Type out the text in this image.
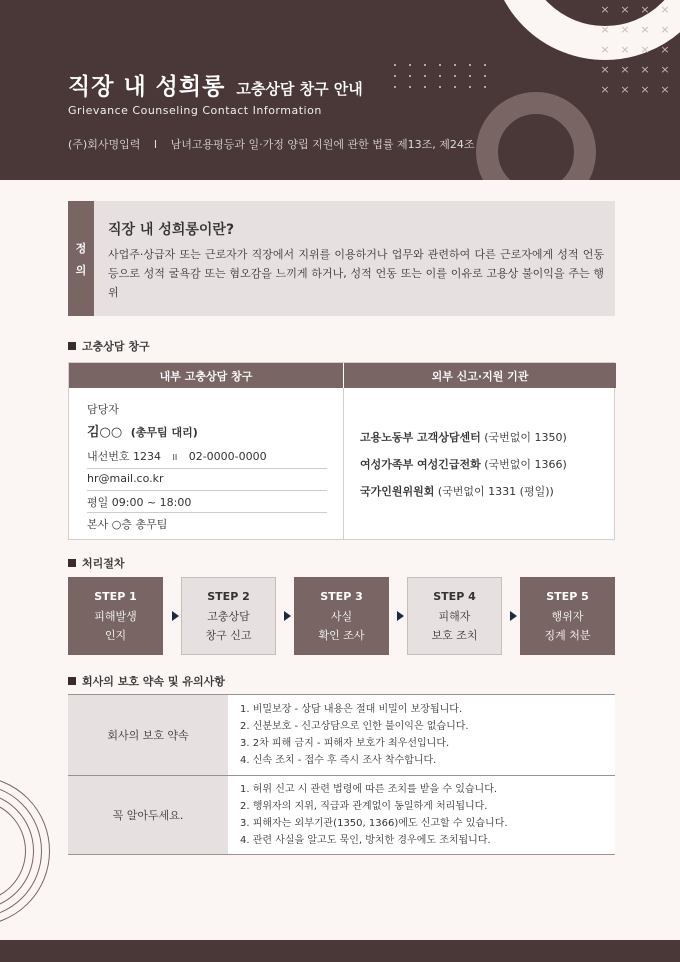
× × × ×
× × × ×
× × × ×
× × × ×
× × × ×
직장 내 성희롱 고충상담 창구 안내
Grievance Counseling Contact Information
(주)회사명입력 I 남녀고용평등과 일·가정 양립 지원에 관한 법률 제13조, 제24조
정
의
직장 내 성희롱이란?
사업주·상급자 또는 근로자가 직장에서 지위를 이용하거나 업무와 관련하여 다른 근로자에게 성적 언동 등으로 성적 굴욕감 또는 혐오감을 느끼게 하거나, 성적 언동 또는 이를 이유로 고용상 불이익을 주는 행위
고충상담 창구
내부 고충상담 창구	외부 신고·지원 기관
담당자
김○○ (총무팀 대리)
내선번호 1234 II 02-0000-0000
hr@mail.co.kr
평일 09:00 ~ 18:00
본사 ○층 총무팀
고용노동부 고객상담센터 (국번없이 1350)
여성가족부 여성긴급전화 (국번없이 1366)
국가인원위원회 (국번없이 1331 (평일))
처리절차
STEP 1
피해발생
인지
STEP 2
고충상담
창구 신고
STEP 3
사실
확인 조사
STEP 4
피해자
보호 조치
STEP 5
행위자
징계 처분
회사의 보호 약속 및 유의사항
회사의 보호 약속
1. 비밀보장 - 상담 내용은 절대 비밀이 보장됩니다.
2. 신분보호 - 신고상담으로 인한 불이익은 없습니다.
3. 2차 피해 금지 - 피해자 보호가 최우선입니다.
4. 신속 조치 - 접수 후 즉시 조사 착수합니다.
꼭 알아두세요.
1. 허위 신고 시 관련 법령에 따른 조치를 받을 수 있습니다.
2. 행위자의 지위, 직급과 관계없이 동일하게 처리됩니다.
3. 피해자는 외부기관(1350, 1366)에도 신고할 수 있습니다.
4. 관련 사실을 알고도 묵인, 방치한 경우에도 조치됩니다.
